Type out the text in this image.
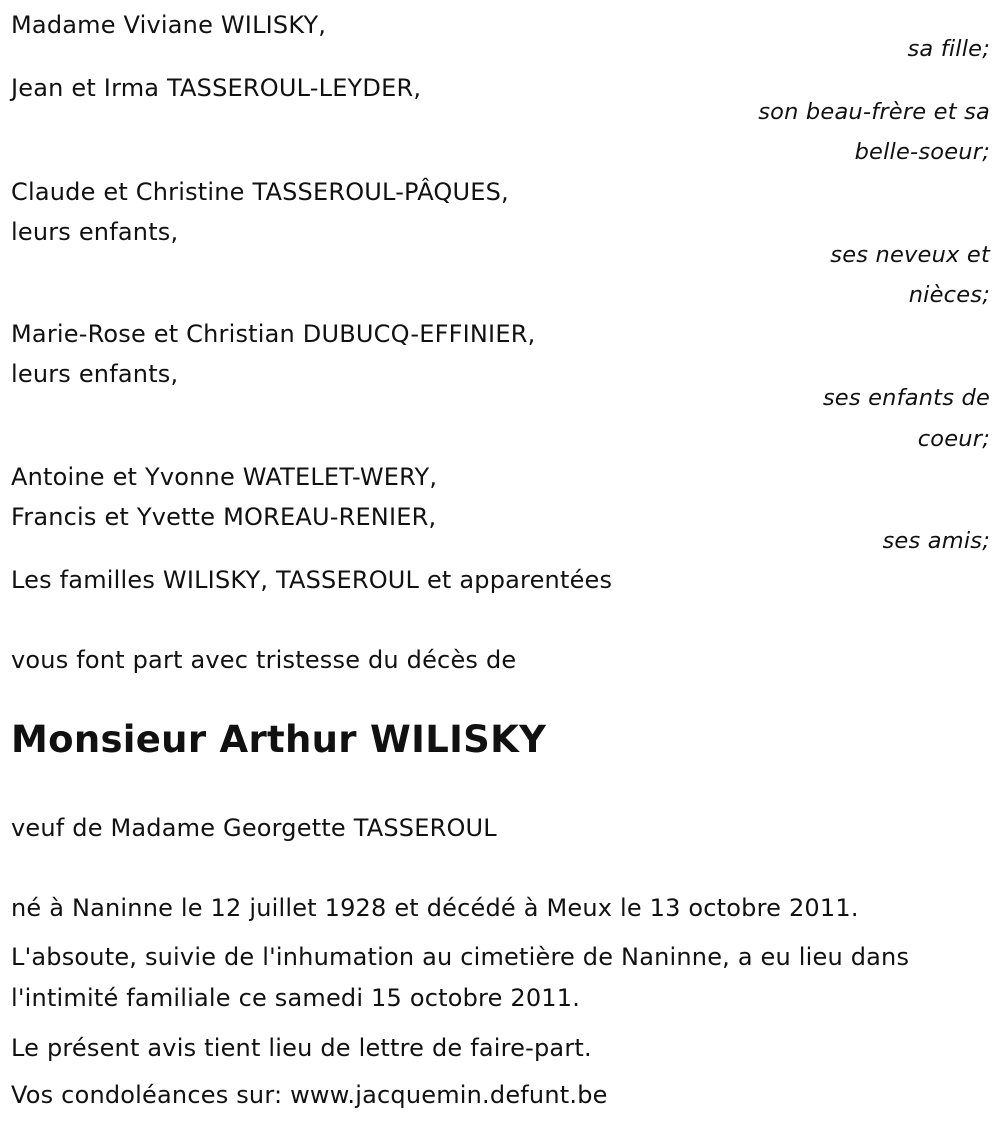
Madame Viviane WILISKY,
sa fille;
Jean et Irma TASSEROUL-LEYDER,
son beau-frère et sa
belle-soeur;
Claude et Christine TASSEROUL-PÂQUES,
leurs enfants,
ses neveux et
nièces;
Marie-Rose et Christian DUBUCQ-EFFINIER,
leurs enfants,
ses enfants de
coeur;
Antoine et Yvonne WATELET-WERY,
Francis et Yvette MOREAU-RENIER,
ses amis;
Les familles WILISKY, TASSEROUL et apparentées
vous font part avec tristesse du décès de
Monsieur Arthur WILISKY
veuf de Madame Georgette TASSEROUL
né à Naninne le 12 juillet 1928 et décédé à Meux le 13 octobre 2011.
L'absoute, suivie de l'inhumation au cimetière de Naninne, a eu lieu dans l'intimité familiale ce samedi 15 octobre 2011.
Le présent avis tient lieu de lettre de faire-part.
Vos condoléances sur: www.jacquemin.defunt.be
